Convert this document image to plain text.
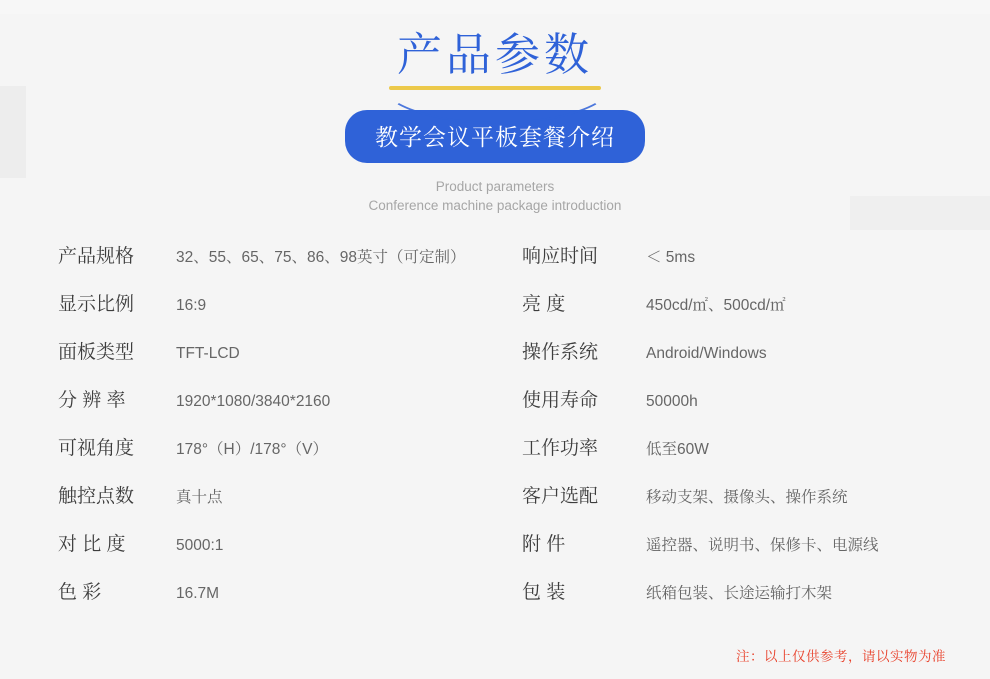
产品参数
教学会议平板套餐介绍
Product parameters
Conference machine package introduction
产品规格	32、55、65、75、86、98英寸（可定制）
显示比例	16:9
面板类型	TFT-LCD
分 辨 率	1920*1080/3840*2160
可视角度	178°（H）/178°（V）
触控点数	真十点
对 比 度	5000:1
色 彩	16.7M
响应时间	＜ 5ms
亮 度	450cd/㎡、500cd/㎡
操作系统	Android/Windows
使用寿命	50000h
工作功率	低至60W
客户选配	移动支架、摄像头、操作系统
附 件	遥控器、说明书、保修卡、电源线
包 装	纸箱包装、长途运输打木架
注：以上仅供参考，请以实物为准
